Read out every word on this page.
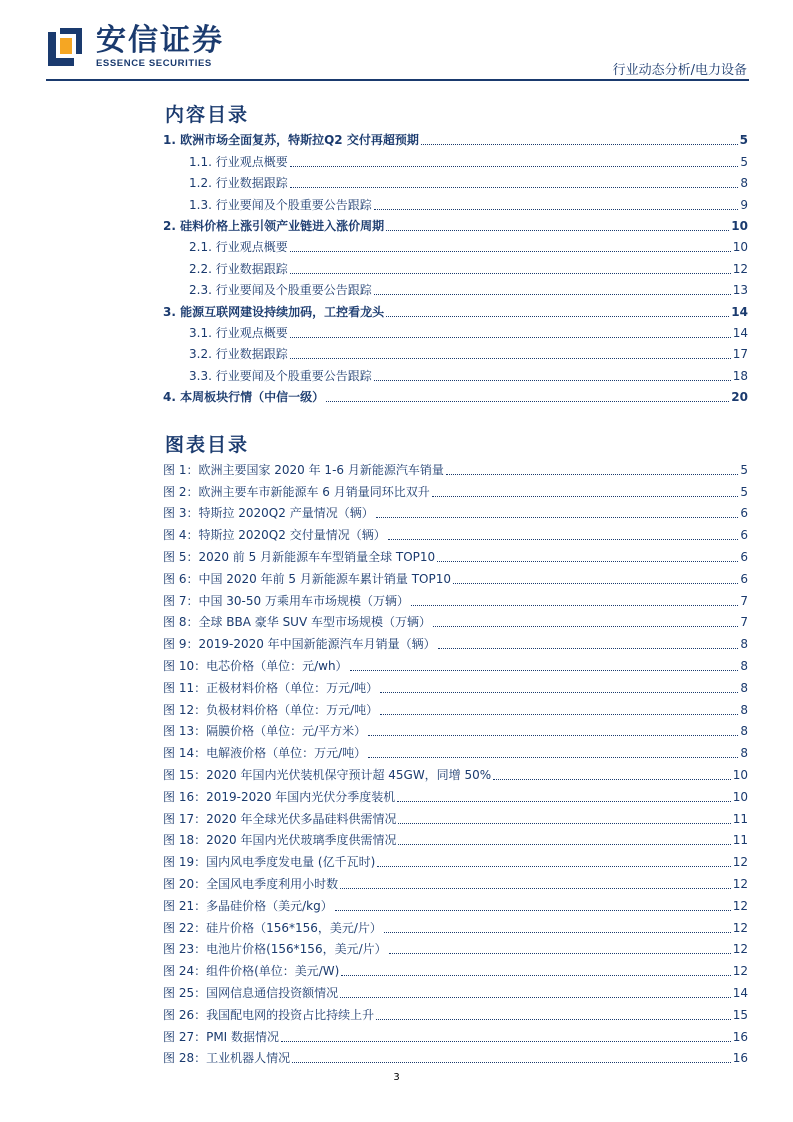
安信证券
ESSENCE SECURITIES	行业动态分析/电力设备
内容目录
1. 欧洲市场全面复苏，特斯拉Q2 交付再超预期	5
1.1. 行业观点概要	5
1.2. 行业数据跟踪	8
1.3. 行业要闻及个股重要公告跟踪	9
2. 硅料价格上涨引领产业链进入涨价周期	10
2.1. 行业观点概要	10
2.2. 行业数据跟踪	12
2.3. 行业要闻及个股重要公告跟踪	13
3. 能源互联网建设持续加码，工控看龙头	14
3.1. 行业观点概要	14
3.2. 行业数据跟踪	17
3.3. 行业要闻及个股重要公告跟踪	18
4. 本周板块行情（中信一级）	20
图表目录
图 1：欧洲主要国家 2020 年 1-6 月新能源汽车销量	5
图 2：欧洲主要车市新能源车 6 月销量同环比双升	5
图 3：特斯拉 2020Q2 产量情况（辆）	6
图 4：特斯拉 2020Q2 交付量情况（辆）	6
图 5：2020 前 5 月新能源车车型销量全球 TOP10	6
图 6：中国 2020 年前 5 月新能源车累计销量 TOP10	6
图 7：中国 30-50 万乘用车市场规模（万辆）	7
图 8：全球 BBA 豪华 SUV 车型市场规模（万辆）	7
图 9：2019-2020 年中国新能源汽车月销量（辆）	8
图 10：电芯价格（单位：元/wh）	8
图 11：正极材料价格（单位：万元/吨）	8
图 12：负极材料价格（单位：万元/吨）	8
图 13：隔膜价格（单位：元/平方米）	8
图 14：电解液价格（单位：万元/吨）	8
图 15：2020 年国内光伏装机保守预计超 45GW，同增 50%	10
图 16：2019-2020 年国内光伏分季度装机	10
图 17：2020 年全球光伏多晶硅料供需情况	11
图 18：2020 年国内光伏玻璃季度供需情况	11
图 19：国内风电季度发电量 (亿千瓦时)	12
图 20：全国风电季度利用小时数	12
图 21：多晶硅价格（美元/kg）	12
图 22：硅片价格（156*156，美元/片）	12
图 23：电池片价格(156*156，美元/片）	12
图 24：组件价格(单位：美元/W)	12
图 25：国网信息通信投资额情况	14
图 26：我国配电网的投资占比持续上升	15
图 27：PMI 数据情况	16
图 28：工业机器人情况	16
3
